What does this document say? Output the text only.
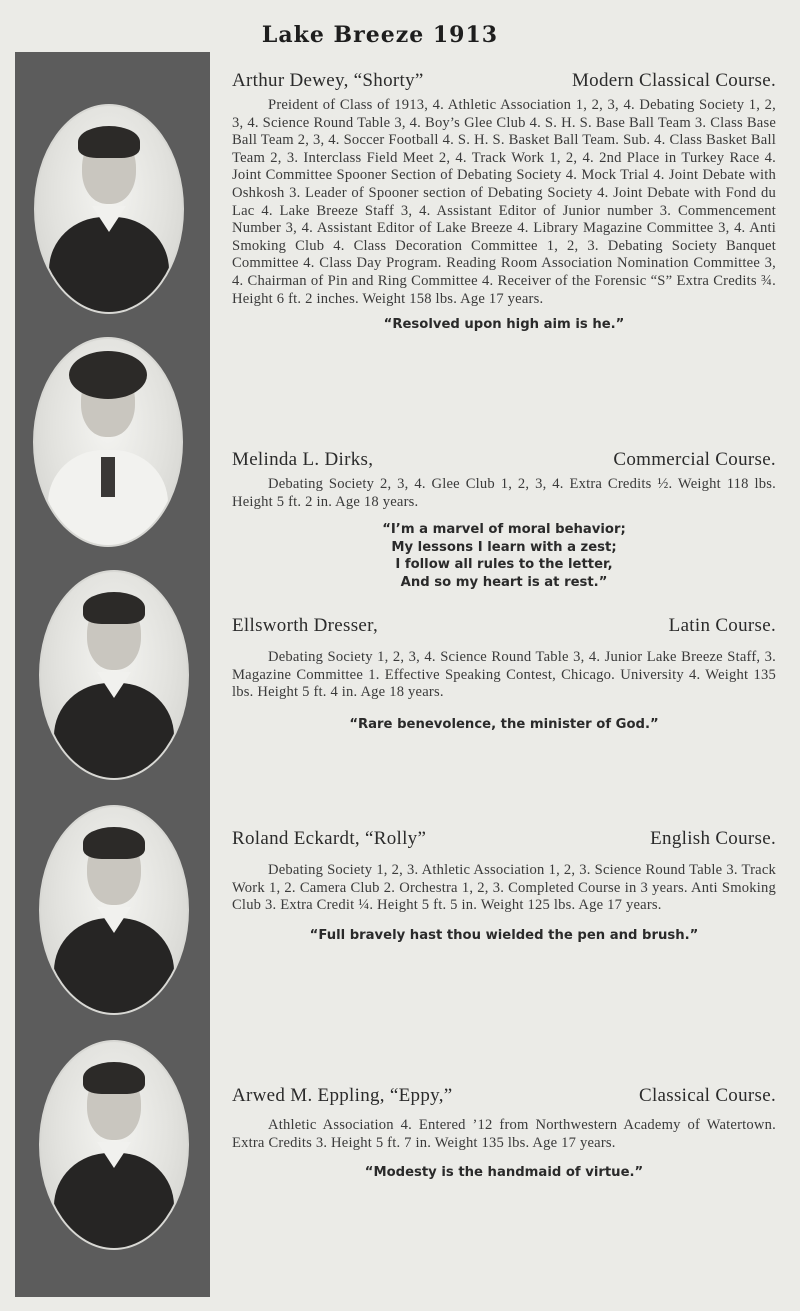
Lake Breeze 1913
Arthur Dewey, “Shorty”	Modern Classical Course.

Preident of Class of 1913, 4. Athletic Association 1, 2, 3, 4. Debating Society 1, 2, 3, 4. Science Round Table 3, 4. Boy’s Glee Club 4. S. H. S. Base Ball Team 3. Class Base Ball Team 2, 3, 4. Soccer Football 4. S. H. S. Basket Ball Team. Sub. 4. Class Basket Ball Team 2, 3. Interclass Field Meet 2, 4. Track Work 1, 2, 4. 2nd Place in Turkey Race 4. Joint Committee Spooner Section of Debating Society 4. Mock Trial 4. Joint Debate with Oshkosh 3. Leader of Spooner section of Debating Society 4. Joint Debate with Fond du Lac 4. Lake Breeze Staff 3, 4. Assistant Editor of Junior number 3. Commencement Number 3, 4. Assistant Editor of Lake Breeze 4. Library Magazine Committee 3, 4. Anti Smoking Club 4. Class Decoration Committee 1, 2, 3. Debating Society Banquet Committee 4. Class Day Program. Reading Room Association Nomination Committee 3, 4. Chairman of Pin and Ring Committee 4. Receiver of the Forensic “S” Extra Credits ¾. Height 6 ft. 2 inches. Weight 158 lbs. Age 17 years.

“Resolved upon high aim is he.”
Melinda L. Dirks,	Commercial Course.

Debating Society 2, 3, 4. Glee Club 1, 2, 3, 4. Extra Credits ½. Weight 118 lbs. Height 5 ft. 2 in. Age 18 years.

“I’m a marvel of moral behavior;
My lessons I learn with a zest;
I follow all rules to the letter,
And so my heart is at rest.”
Ellsworth Dresser,	Latin Course.

Debating Society 1, 2, 3, 4. Science Round Table 3, 4. Junior Lake Breeze Staff, 3. Magazine Committee 1. Effective Speaking Contest, Chicago. University 4. Weight 135 lbs. Height 5 ft. 4 in. Age 18 years.

“Rare benevolence, the minister of God.”
Roland Eckardt, “Rolly”	English Course.

Debating Society 1, 2, 3. Athletic Association 1, 2, 3. Science Round Table 3. Track Work 1, 2. Camera Club 2. Orchestra 1, 2, 3. Completed Course in 3 years. Anti Smoking Club 3. Extra Credit ¼. Height 5 ft. 5 in. Weight 125 lbs. Age 17 years.

“Full bravely hast thou wielded the pen and brush.”
Arwed M. Eppling, “Eppy,”	Classical Course.

Athletic Association 4. Entered ’12 from Northwestern Academy of Watertown. Extra Credits 3. Height 5 ft. 7 in. Weight 135 lbs. Age 17 years.

“Modesty is the handmaid of virtue.”
